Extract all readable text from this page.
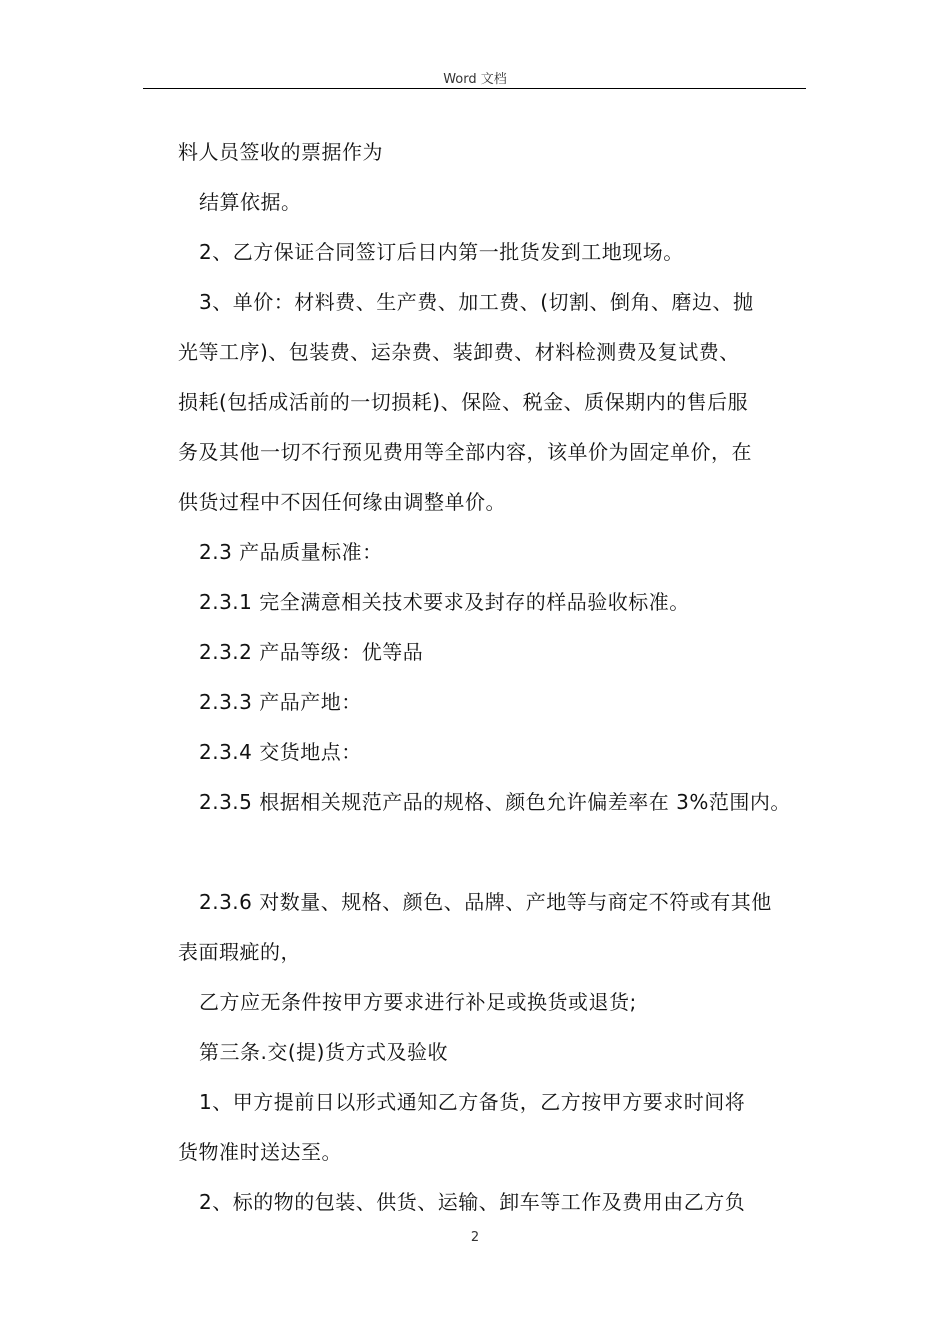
Word 文档
料人员签收的票据作为
结算依据。
2、乙方保证合同签订后日内第一批货发到工地现场。
3、单价：材料费、生产费、加工费、(切割、倒角、磨边、抛
光等工序)、包装费、运杂费、装卸费、材料检测费及复试费、
损耗(包括成活前的一切损耗)、保险、税金、质保期内的售后服
务及其他一切不行预见费用等全部内容，该单价为固定单价，在
供货过程中不因任何缘由调整单价。
2.3 产品质量标准：
2.3.1 完全满意相关技术要求及封存的样品验收标准。
2.3.2 产品等级：优等品
2.3.3 产品产地：
2.3.4 交货地点：
2.3.5 根据相关规范产品的规格、颜色允许偏差率在 3%范围内。
2.3.6 对数量、规格、颜色、品牌、产地等与商定不符或有其他
表面瑕疵的，
乙方应无条件按甲方要求进行补足或换货或退货;
第三条.交(提)货方式及验收
1、甲方提前日以形式通知乙方备货，乙方按甲方要求时间将
货物准时送达至。
2、标的物的包装、供货、运输、卸车等工作及费用由乙方负
2
